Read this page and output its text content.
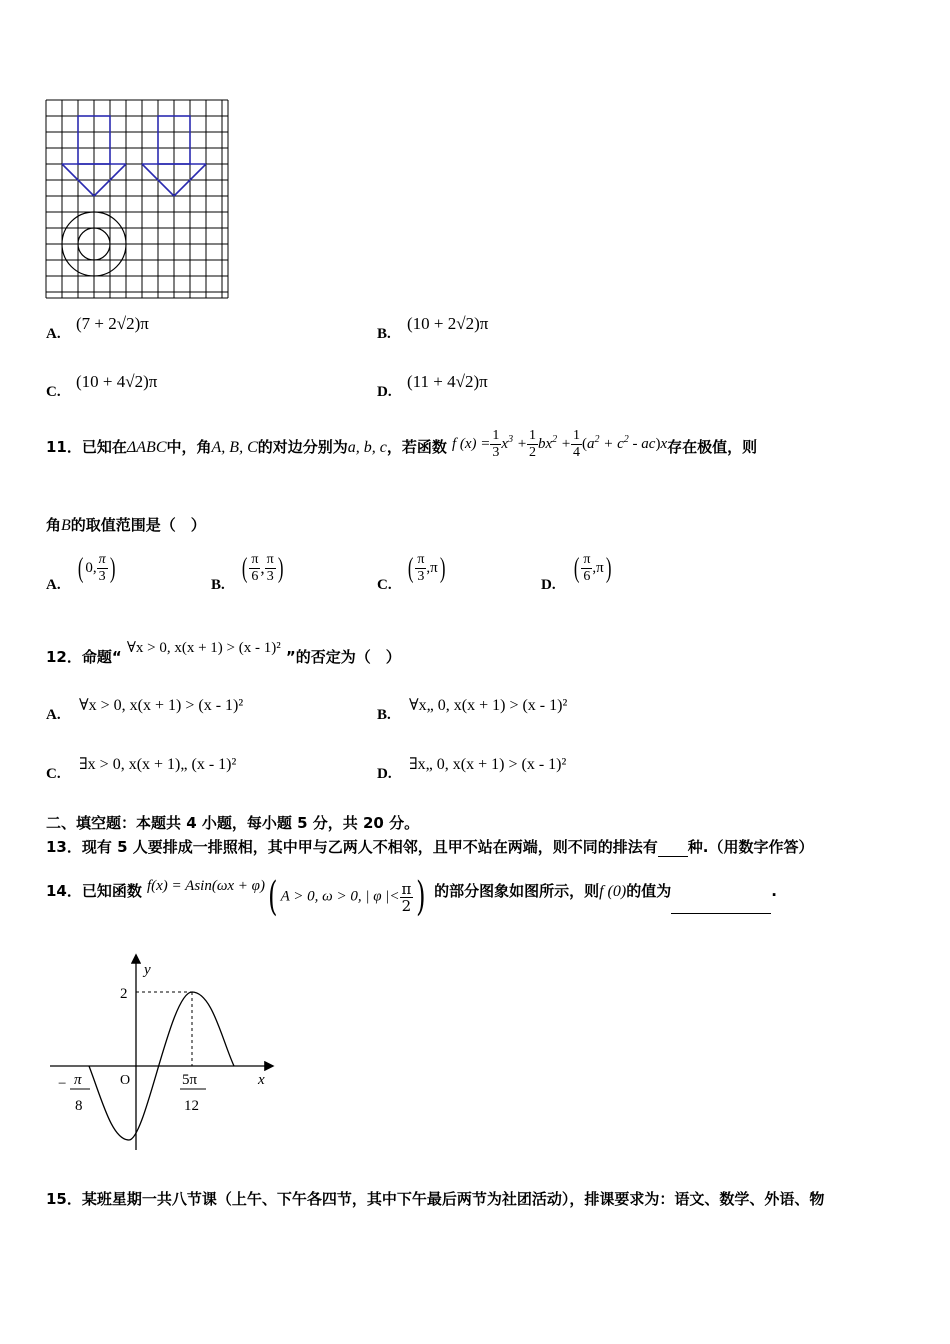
A.
(7 + 2√2)π
B.
(10 + 2√2)π
C.
(10 + 4√2)π
D.
(11 + 4√2)π
11．已知在ΔABC中，角A, B, C的对边分别为a, b, c，若函数 f $(x) = \frac{1}{3} x^3 + \frac{1}{2} bx^2 + \frac{1}{4} (a^2 + c^2 - ac)x$存在极值，则
角B的取值范围是（　）
A.
( 0, $\frac{\pi}{3}$ )
B.
( $\frac{\pi}{6}$ , $\frac{\pi}{3}$ )
C.
( $\frac{\pi}{3} ,\pi$)
D.
( $\frac{\pi}{6} ,\pi$)
12．命题“ ∀x > 0, x(x + 1) > (x - 1)² ”的否定为（　）
A.
∀x > 0, x(x + 1) > (x - 1)²
B.
∀x„ 0, x(x + 1) > (x - 1)²
C.
∃x > 0, x(x + 1)„ (x - 1)²
D.
∃x„ 0, x(x + 1) > (x - 1)²
二、填空题：本题共 4 小题，每小题 5 分，共 20 分。
13．现有 5 人要排成一排照相，其中甲与乙两人不相邻，且甲不站在两端，则不同的排法有 种.（用数字作答）
14．已知函数 f(x) = Asin(ωx + φ)( A > 0, ω > 0, | φ |< $\frac{\pi}{2}$ ) 的部分图象如图所示，则f (0)的值为	.
y
x
O
2
− π
8
5π
12
15．某班星期一共八节课（上午、下午各四节，其中下午最后两节为社团活动），排课要求为：语文、数学、外语、物
